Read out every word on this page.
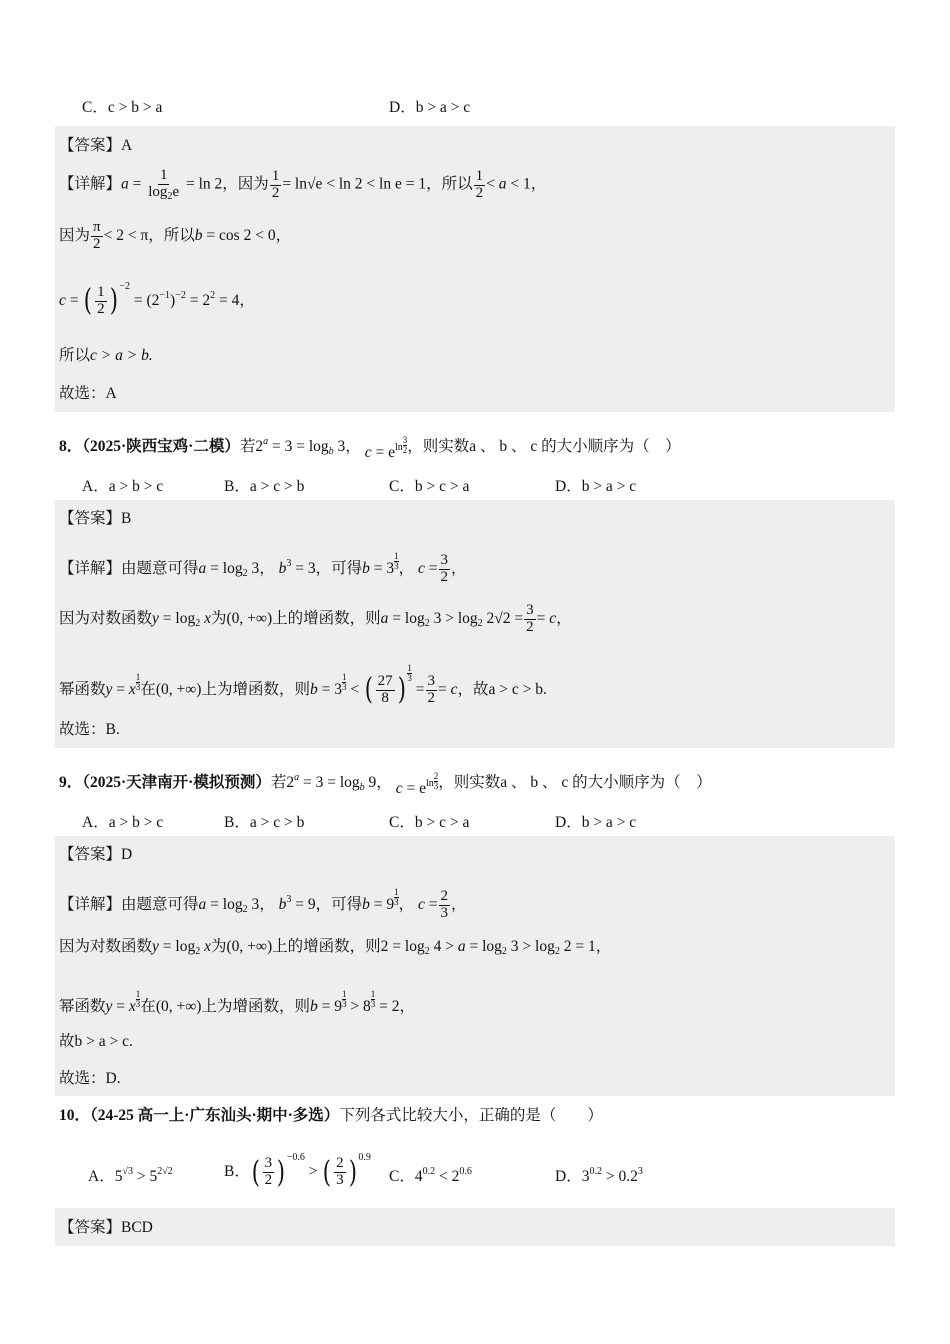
C．c > b > a	D．b > a > c
【答案】A
【详解】$a = \frac{1}{\log_2e} = \ln 2$，因为 $\frac{1}{2} = \ln√e < \ln 2 < \ln e = 1$，所以 $\frac{1}{2} < a < 1$，
因为 $\frac{\pi}{2} < 2 < \pi$，所以b = cos 2 < 0，
c = ( $\frac{1}{2}$ ) $^{-2} = (2^{-1})^{-2} = 2^2 = 4$，
所以c > a > b.
故选：A
8．（2025·陕西宝鸡·二模）若$2^a = 3 = \log_b 3$， $c = e^{ln \frac{3}{2}}$ ，则实数a 、 b 、 c 的大小顺序为（　）
A．a > b > c	B．a > c > b	C．b > c > a	D．b > a > c
【答案】B
【详解】由题意可得$a = \log_2 3$， $b^3 = 3$，可得b = 3 $^{\frac{1}{3}}$ ， $c = \frac{3}{2}$ ，
因为对数函数$y = \log_2 x$为(0, +∞)上的增函数，则$a = \log_2 3 > \log_2 2√2 = \frac{3}{2} = c$，
幂函数y = x $^{\frac{1}{3}}$ 在(0, +∞)上为增函数，则b = 3 $^{\frac{1}{3}}$ < ( $\frac{27}{8}$ ) $^{\frac{1}{3}}$
= $\frac{3}{2} = c$，故a > c > b.
故选：B.
9．（2025·天津南开·模拟预测）若$2^a = 3 = \log_b 9$， $c = e^{ln \frac{2}{3}}$ ，则实数a 、 b 、 c 的大小顺序为（　）
A．a > b > c	B．a > c > b	C．b > c > a	D．b > a > c
【答案】D
【详解】由题意可得$a = \log_2 3$， $b^3 = 9$，可得b = 9 $^{\frac{1}{3}}$ ， $c = \frac{2}{3}$ ，
因为对数函数$y = \log_2 x$为(0, +∞)上的增函数，则$2 = \log_2 4 > a = \log_2 3 > \log_2 2 = 1$，
幂函数y = x $^{\frac{1}{3}}$ 在(0, +∞)上为增函数，则b = 9 $^{\frac{1}{3}}$ > 8 $^{\frac{1}{3}}$ = 2，
故b > a > c.
故选：D.
10．（24-25 高一上·广东汕头·期中·多选）下列各式比较大小，正确的是（　　）
A．$5^{√3} > 5^{2√2}$	B．( $\frac{3}{2}$ ) $^{-0.6}$ > ( $\frac{2}{3}$ ) $^{0.9}$
C．$4^{0.2} < 2^{0.6}$	D．$3^{0.2} > 0.2^3$
【答案】BCD
